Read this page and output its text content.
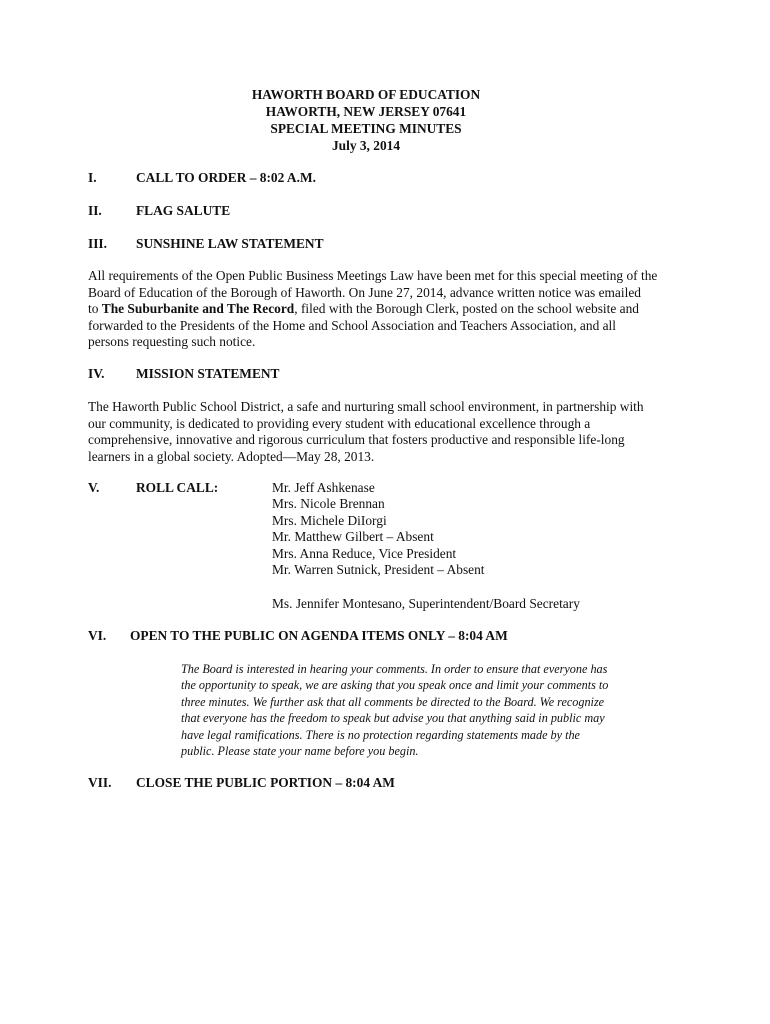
HAWORTH BOARD OF EDUCATION
HAWORTH, NEW JERSEY 07641
SPECIAL MEETING MINUTES
July 3, 2014
I.	CALL TO ORDER – 8:02 A.M.
II.	FLAG SALUTE
III. SUNSHINE LAW STATEMENT
All requirements of the Open Public Business Meetings Law have been met for this special meeting of the
Board of Education of the Borough of Haworth. On June 27, 2014, advance written notice was emailed
to The Suburbanite and The Record, filed with the Borough Clerk, posted on the school website and
forwarded to the Presidents of the Home and School Association and Teachers Association, and all
persons requesting such notice.
IV. MISSION STATEMENT
The Haworth Public School District, a safe and nurturing small school environment, in partnership with
our community, is dedicated to providing every student with educational excellence through a
comprehensive, innovative and rigorous curriculum that fosters productive and responsible life-long
learners in a global society. Adopted—May 28, 2013.
V.	ROLL CALL:	Mr. Jeff Ashkenase
Mrs. Nicole Brennan
Mrs. Michele DiIorgi
Mr. Matthew Gilbert – Absent
Mrs. Anna Reduce, Vice President
Mr. Warren Sutnick, President – Absent
Ms. Jennifer Montesano, Superintendent/Board Secretary
VI. OPEN TO THE PUBLIC ON AGENDA ITEMS ONLY – 8:04 AM
The Board is interested in hearing your comments. In order to ensure that everyone has
the opportunity to speak, we are asking that you speak once and limit your comments to
three minutes. We further ask that all comments be directed to the Board. We recognize
that everyone has the freedom to speak but advise you that anything said in public may
have legal ramifications. There is no protection regarding statements made by the
public. Please state your name before you begin.
VII. CLOSE THE PUBLIC PORTION – 8:04 AM
